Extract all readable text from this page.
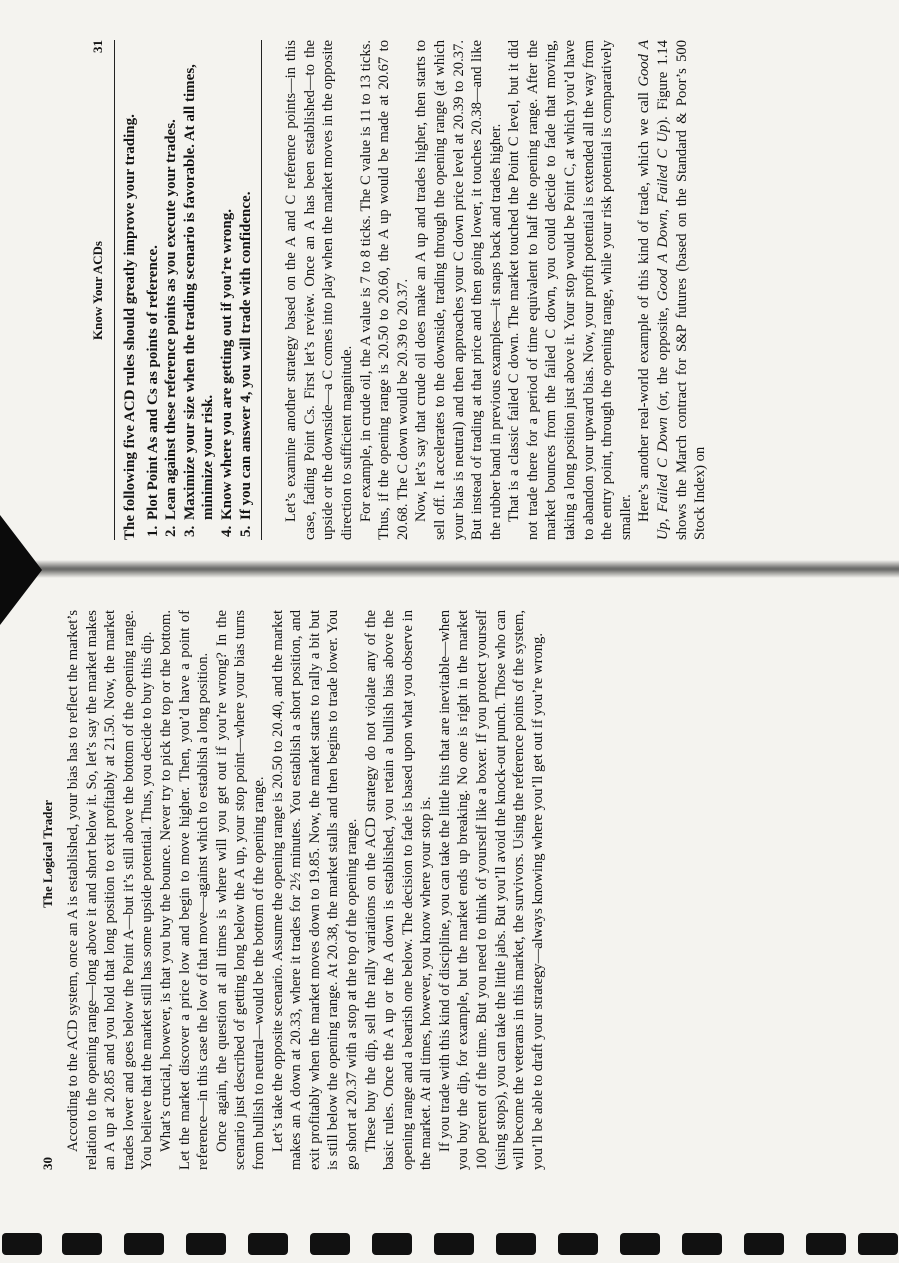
30
The Logical Trader According to the ACD system, once an A is established, your bias has to reflect the market’s relation to the opening range—long above it and short below it. So, let’s say the market makes an A up at 20.85 and you hold that long position to exit profitably at 21.50. Now, the market trades lower and goes below the Point A—but it’s still above the bottom of the opening range. You believe that the market still has some upside potential. Thus, you decide to buy this dip. What’s crucial, however, is that you buy the bounce. Never try to pick the top or the bottom. Let the market discover a price low and begin to move higher. Then, you’d have a point of reference—in this case the low of that move—against which to establish a long position. Once again, the question at all times is where will you get out if you’re wrong? In the scenario just described of getting long below the A up, your stop point—where your bias turns from bullish to neutral—would be the bottom of the opening range. Let’s take the opposite scenario. Assume the opening range is 20.50 to 20.40, and the market makes an A down at 20.33, where it trades for 2½ minutes. You establish a short position, and exit profitably when the market moves down to 19.85. Now, the market starts to rally a bit but is still below the opening range. At 20.38, the market stalls and then begins to trade lower. You go short at 20.37 with a stop at the top of the opening range. These buy the dip, sell the rally variations on the ACD strategy do not violate any of the basic rules. Once the A up or the A down is established, you retain a bullish bias above the opening range and a bearish one below. The decision to fade is based upon what you observe in the market. At all times, however, you know where your stop is. If you trade with this kind of discipline, you can take the little hits that are inevitable—when you buy the dip, for example, but the market ends up breaking. No one is right in the market 100 percent of the time. But you need to think of yourself like a boxer. If you protect yourself (using stops), you can take the little jabs. But you’ll avoid the knock-out punch. Those who can will become the veterans in this market, the survivors. Using the reference points of the system, you’ll be able to draft your strategy—always knowing where you’ll get out if you’re wrong.

Know Your ACDs
31

The following five ACD rules should greatly improve your trading. 1. Plot Point As and Cs as points of reference. 2. Lean against these reference points as you execute your trades. 3. Maximize your size when the trading scenario is favorable. At all times, minimize your risk. 4. Know where you are getting out if you’re wrong. 5. If you can answer 4, you will trade with confidence. Let’s examine another strategy based on the A and C reference points—in this case, fading Point Cs. First let’s review. Once an A has been established—to the upside or the downside—a C comes into play when the market moves in the opposite direction to sufficient magnitude. For example, in crude oil, the A value is 7 to 8 ticks. The C value is 11 to 13 ticks. Thus, if the opening range is 20.50 to 20.60, the A up would be made at 20.67 to 20.68. The C down would be 20.39 to 20.37. Now, let’s say that crude oil does make an A up and trades higher, then starts to sell off. It accelerates to the downside, trading through the opening range (at which your bias is neutral) and then approaches your C down price level at 20.39 to 20.37. But instead of trading at that price and then going lower, it touches 20.38—and like the rubber band in previous examples—it snaps back and trades higher. That is a classic failed C down. The market touched the Point C level, but it did not trade there for a period of time equivalent to half the opening range. After the market bounces from the failed C down, you could decide to fade that moving, taking a long position just above it. Your stop would be Point C, at which you’d have to abandon your upward bias. Now, your profit potential is extended all the way from the entry point, through the opening range, while your risk potential is comparatively smaller. Here’s another real-world example of this kind of trade, which we call Good A Up, Failed C Down (or, the opposite, Good A Down, Failed C Up). Figure 1.14 shows the March contract for S&P futures (based on the Standard & Poor’s 500 Stock Index) on
